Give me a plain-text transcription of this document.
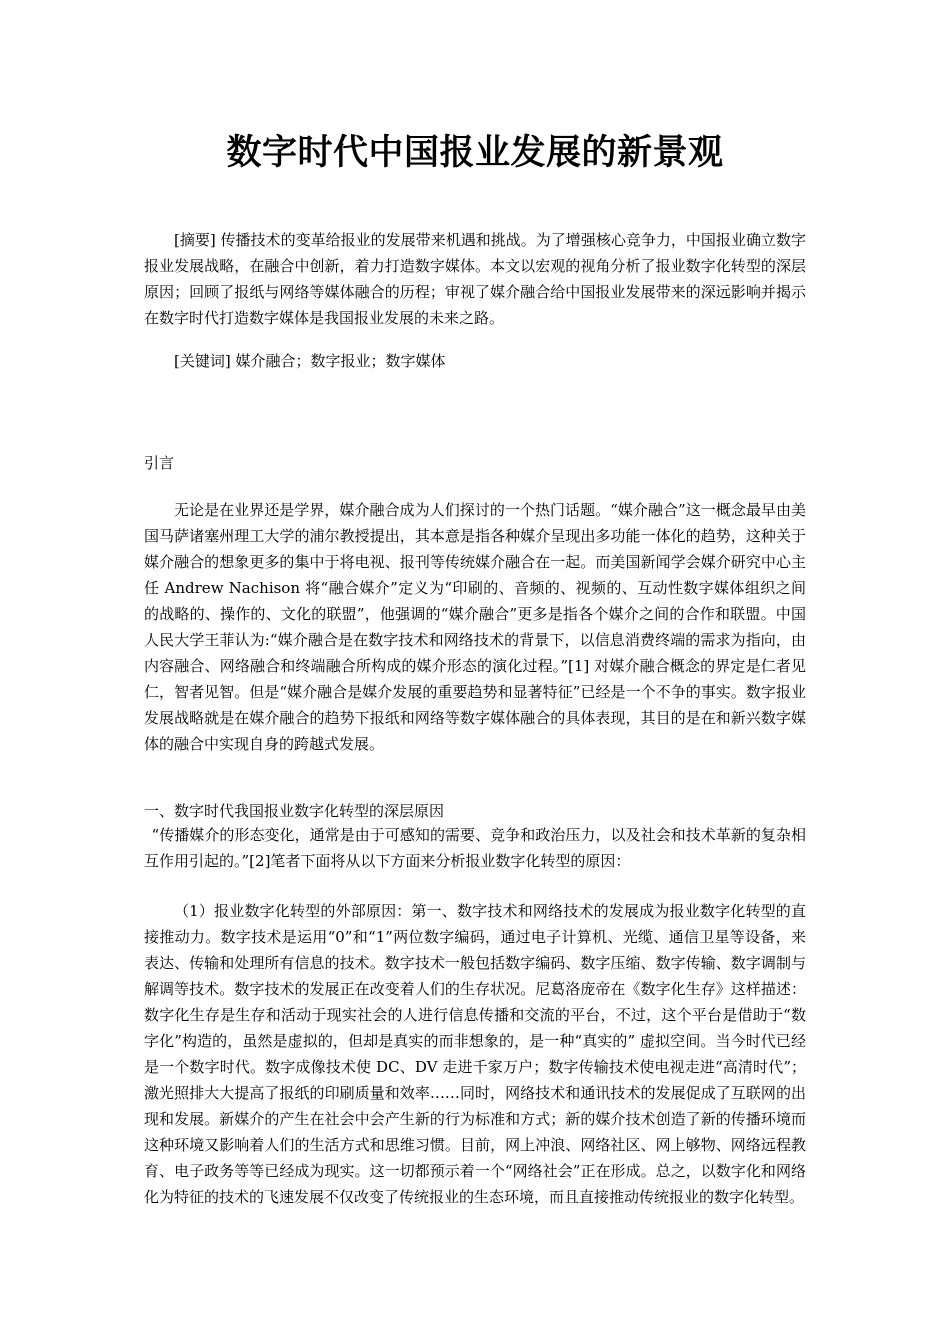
数字时代中国报业发展的新景观

[摘要] 传播技术的变革给报业的发展带来机遇和挑战。为了增强核心竞争力，中国报业确立数字报业发展战略，在融合中创新，着力打造数字媒体。本文以宏观的视角分析了报业数字化转型的深层原因；回顾了报纸与网络等媒体融合的历程；审视了媒介融合给中国报业发展带来的深远影响并揭示在数字时代打造数字媒体是我国报业发展的未来之路。

[关键词] 媒介融合；数字报业；数字媒体

引言

无论是在业界还是学界，媒介融合成为人们探讨的一个热门话题。“媒介融合”这一概念最早由美国马萨诸塞州理工大学的浦尔教授提出，其本意是指各种媒介呈现出多功能一体化的趋势，这种关于媒介融合的想象更多的集中于将电视、报刊等传统媒介融合在一起。而美国新闻学会媒介研究中心主任 Andrew Nachison 将“融合媒介”定义为“印刷的、音频的、视频的、互动性数字媒体组织之间的战略的、操作的、文化的联盟”，他强调的“媒介融合”更多是指各个媒介之间的合作和联盟。中国人民大学王菲认为:“媒介融合是在数字技术和网络技术的背景下，以信息消费终端的需求为指向，由内容融合、网络融合和终端融合所构成的媒介形态的演化过程。”[1] 对媒介融合概念的界定是仁者见仁，智者见智。但是“媒介融合是媒介发展的重要趋势和显著特征”已经是一个不争的事实。数字报业发展战略就是在媒介融合的趋势下报纸和网络等数字媒体融合的具体表现，其目的是在和新兴数字媒体的融合中实现自身的跨越式发展。

一、数字时代我国报业数字化转型的深层原因

“传播媒介的形态变化，通常是由于可感知的需要、竞争和政治压力，以及社会和技术革新的复杂相互作用引起的。”[2]笔者下面将从以下方面来分析报业数字化转型的原因：

（1）报业数字化转型的外部原因：第一、数字技术和网络技术的发展成为报业数字化转型的直接推动力。数字技术是运用“0”和“1”两位数字编码，通过电子计算机、光缆、通信卫星等设备，来表达、传输和处理所有信息的技术。数字技术一般包括数字编码、数字压缩、数字传输、数字调制与解调等技术。数字技术的发展正在改变着人们的生存状况。尼葛洛庞帝在《数字化生存》这样描述：数字化生存是生存和活动于现实社会的人进行信息传播和交流的平台，不过，这个平台是借助于“数字化”构造的，虽然是虚拟的，但却是真实的而非想象的，是一种“真实的” 虚拟空间。当今时代已经是一个数字时代。数字成像技术使 DC、DV 走进千家万户；数字传输技术使电视走进“高清时代”；激光照排大大提高了报纸的印刷质量和效率……同时，网络技术和通讯技术的发展促成了互联网的出现和发展。新媒介的产生在社会中会产生新的行为标准和方式；新的媒介技术创造了新的传播环境而这种环境又影响着人们的生活方式和思维习惯。目前，网上冲浪、网络社区、网上够物、网络远程教育、电子政务等等已经成为现实。这一切都预示着一个“网络社会”正在形成。总之，以数字化和网络化为特征的技术的飞速发展不仅改变了传统报业的生态环境，而且直接推动传统报业的数字化转型。
